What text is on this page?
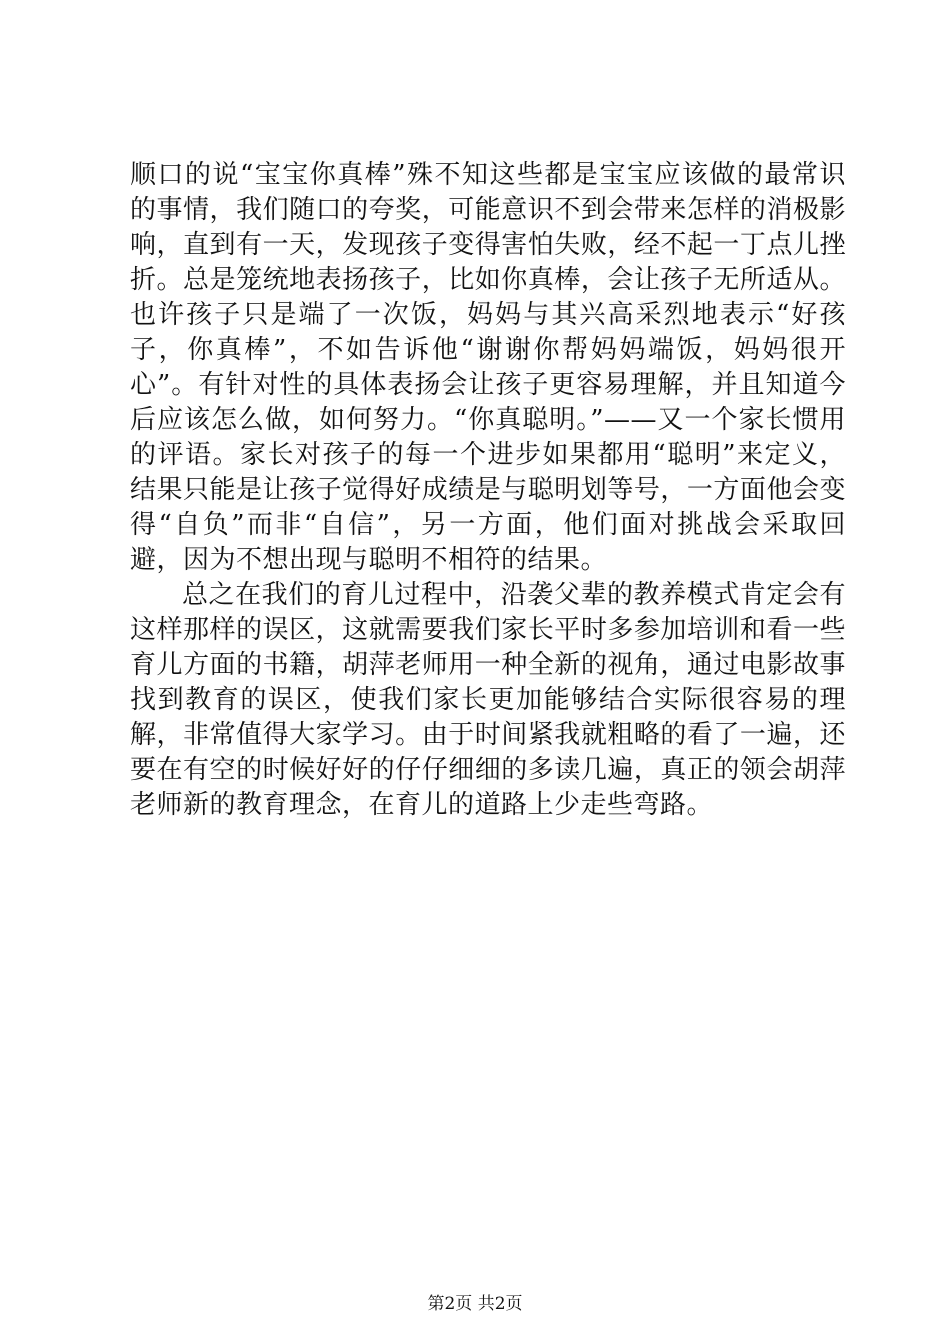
顺口的说“宝宝你真棒”殊不知这些都是宝宝应该做的最常识的事情，我们随口的夸奖，可能意识不到会带来怎样的消极影响，直到有一天，发现孩子变得害怕失败，经不起一丁点儿挫折。总是笼统地表扬孩子，比如你真棒，会让孩子无所适从。也许孩子只是端了一次饭，妈妈与其兴高采烈地表示“好孩子，你真棒”，不如告诉他“谢谢你帮妈妈端饭，妈妈很开心”。有针对性的具体表扬会让孩子更容易理解，并且知道今后应该怎么做，如何努力。“你真聪明。”——又一个家长惯用的评语。家长对孩子的每一个进步如果都用“聪明”来定义，结果只能是让孩子觉得好成绩是与聪明划等号，一方面他会变得“自负”而非“自信”，另一方面，他们面对挑战会采取回避，因为不想出现与聪明不相符的结果。

总之在我们的育儿过程中，沿袭父辈的教养模式肯定会有这样那样的误区，这就需要我们家长平时多参加培训和看一些育儿方面的书籍，胡萍老师用一种全新的视角，通过电影故事找到教育的误区，使我们家长更加能够结合实际很容易的理解，非常值得大家学习。由于时间紧我就粗略的看了一遍，还要在有空的时候好好的仔仔细细的多读几遍，真正的领会胡萍老师新的教育理念，在育儿的道路上少走些弯路。

第2页 共2页
